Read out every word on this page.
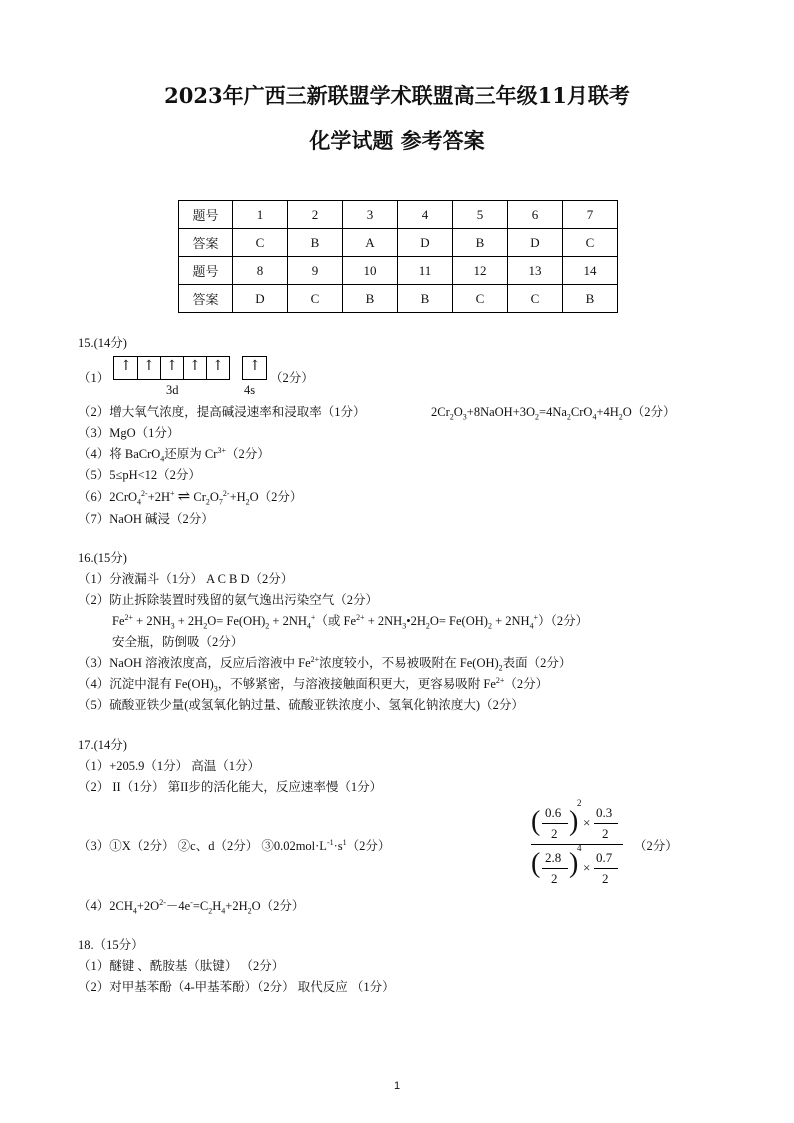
2023年广西三新联盟学术联盟高三年级11月联考
化学试题 参考答案
题号	1	2	3	4	5	6	7
答案	C	B	A	D	B	D	C
题号	8	9	10	11	12	13	14
答案	D	C	B	B	C	C	B
15.(14分)
（1）
↑ ↑ ↑ ↑ ↑ ↑
3d	4s
（2分）
（2）增大氧气浓度，提高碱浸速率和浸取率（1分）	$2Cr_2O_3+8NaOH+3O_2=4Na_2CrO_4+4H_2O(2$分）
（3）MgO（1分）
（4）将 BaCrO$_4$还原为 $Cr^{3+}(2$分）
（5）5≤pH<12（2分）
（6）2CrO$_4^{2-}$+2H+ ⇌ $Cr_2O_7^{2-}+H_2O(2$分）
（7）NaOH 碱浸（2分）
16.(15分)
（1）分液漏斗（1分） A C B D（2分）
（2）防止拆除装置时残留的氨气逸出污染空气（2分）
$Fe^{2+} + 2NH_3 + 2H_2O= Fe(OH)_2 + 2NH_4^+$（或 $Fe^{2+}$ + $2NH_3•2H_2O= Fe(OH)_2 + 2NH_4^+)(2$分）
安全瓶，防倒吸（2分）
（3）NaOH 溶液浓度高，反应后溶液中 $Fe^{2+}$浓度较小，不易被吸附在 $Fe(OH)_2$表面（2分）
（4）沉淀中混有 $Fe(OH)_3$，不够紧密，与溶液接触面积更大，更容易吸附 $Fe^{2+}(2$分）
（5）硫酸亚铁少量(或氢氧化钠过量、硫酸亚铁浓度小、氢氧化钠浓度大)（2分）
17.(14分)
（1）+205.9（1分） 高温（1分）
（2） II（1分） 第II步的活化能大，反应速率慢（1分）
（3）①X（2分） ②c、d（2分） $③0.02mol\cdot L^{-1}\cdot s^1(2$分）
( 0.6
2 )
2
×
0.3
2
( 2.8
2 )
4
×
0.7
2
（2分）
$(4)2CH_4+2O^{2-}-4e^-=C_2H_4+2H_2O(2$分）
18.（15分）
（1）醚键 、酰胺基（肽键） （2分）
（2）对甲基苯酚（4-甲基苯酚）（2分） 取代反应 （1分）
1
